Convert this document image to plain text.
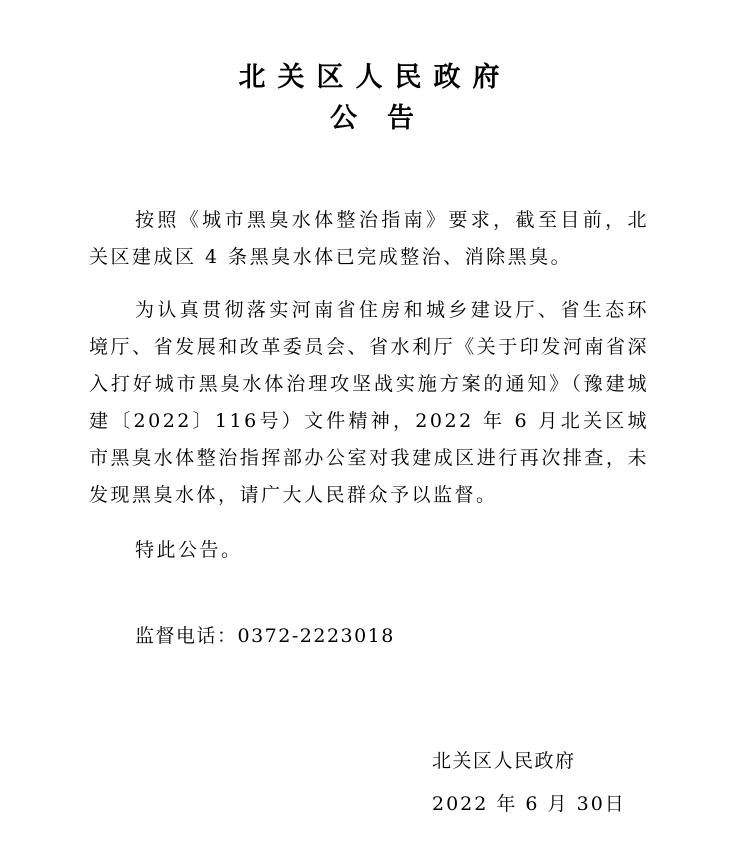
北关区人民政府
公告
按照《城市黑臭水体整治指南》要求，截至目前，北关区建成区 4 条黑臭水体已完成整治、消除黑臭。
为认真贯彻落实河南省住房和城乡建设厅、省生态环境厅、省发展和改革委员会、省水利厅《关于印发河南省深入打好城市黑臭水体治理攻坚战实施方案的通知》（豫建城建〔2022〕116号）文件精神，2022 年 6 月北关区城市黑臭水体整治指挥部办公室对我建成区进行再次排查，未发现黑臭水体，请广大人民群众予以监督。
特此公告。
监督电话：0372-2223018
北关区人民政府
2022 年 6 月 30日
